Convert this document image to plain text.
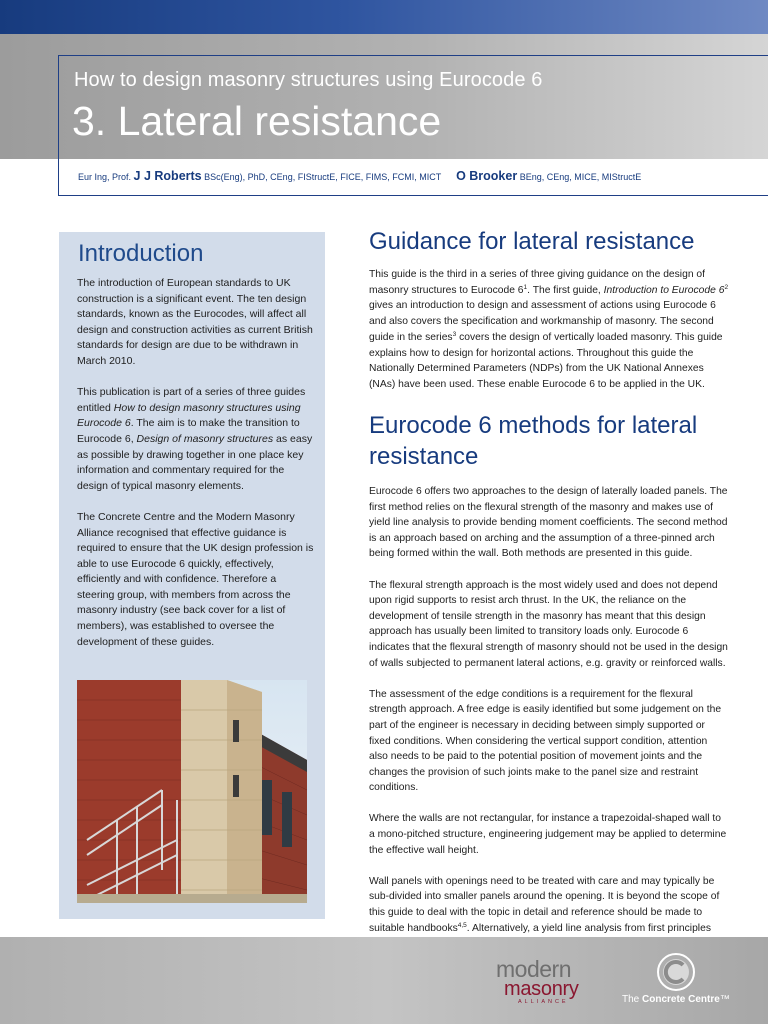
How to design masonry structures using Eurocode 6
3. Lateral resistance
Eur Ing, Prof. J J Roberts BSc(Eng), PhD, CEng, FIStructE, FICE, FIMS, FCMI, MICT O Brooker BEng, CEng, MICE, MIStructE
Introduction

The introduction of European standards to UK construction is a significant event. The ten design standards, known as the Eurocodes, will affect all design and construction activities as current British standards for design are due to be withdrawn in March 2010.

This publication is part of a series of three guides entitled How to design masonry structures using Eurocode 6. The aim is to make the transition to Eurocode 6, Design of masonry structures as easy as possible by drawing together in one place key information and commentary required for the design of typical masonry elements.

The Concrete Centre and the Modern Masonry Alliance recognised that effective guidance is required to ensure that the UK design profession is able to use Eurocode 6 quickly, effectively, efficiently and with confidence. Therefore a steering group, with members from across the masonry industry (see back cover for a list of members), was established to oversee the development of these guides.

Guidance for lateral resistance
This guide is the third in a series of three giving guidance on the design of masonry structures to Eurocode $6^1$. The first guide, Introduction to Eurocode $6^2$ gives an introduction to design and assessment of actions using Eurocode 6 and also covers the specification and workmanship of masonry. The second guide in the series$^3$ covers the design of vertically loaded masonry. This guide explains how to design for horizontal actions. Throughout this guide the Nationally Determined Parameters (NDPs) from the UK National Annexes (NAs) have been used. These enable Eurocode 6 to be applied in the UK.
Eurocode 6 methods for lateral resistance

Eurocode 6 offers two approaches to the design of laterally loaded panels. The first method relies on the flexural strength of the masonry and makes use of yield line analysis to provide bending moment coefficients. The second method is an approach based on arching and the assumption of a three-pinned arch being formed within the wall. Both methods are presented in this guide.

The flexural strength approach is the most widely used and does not depend upon rigid supports to resist arch thrust. In the UK, the reliance on the development of tensile strength in the masonry has meant that this design approach has usually been limited to transitory loads only. Eurocode 6 indicates that the flexural strength of masonry should not be used in the design of walls subjected to permanent lateral actions, e.g. gravity or reinforced walls.

The assessment of the edge conditions is a requirement for the flexural strength approach. A free edge is easily identified but some judgement on the part of the engineer is necessary in deciding between simply supported or fixed conditions. When considering the vertical support condition, attention also needs to be paid to the potential position of movement joints and the changes the provision of such joints make to the panel size and restraint conditions.

Where the walls are not rectangular, for instance a trapezoidal-shaped wall to a mono-pitched structure, engineering judgement may be applied to determine the effective wall height.

Wall panels with openings need to be treated with care and may typically be sub-divided into smaller panels around the opening. It is beyond the scope of this guide to deal with the topic in detail and reference should be made to suitable handbooks$^{4,5}$. Alternatively, a yield line analysis from first principles

modern
masonry
ALLIANCE	The Concrete Centre™
